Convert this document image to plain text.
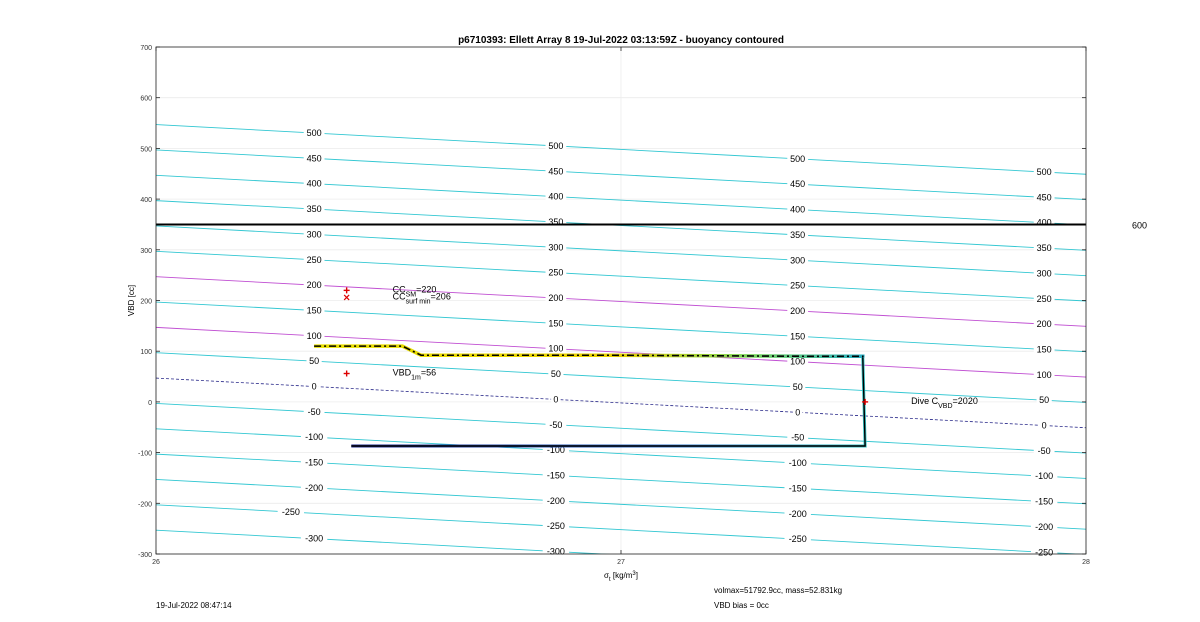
500
450
400
350
300
250
200
150
100
50
0
-50
-100
-150
-200
-300
-250
500
450
400
350
300
250
200
150
100
50
0
-50
-100
-150
-200
-250
-300
500
450
400
350
300
250
200
150
100
50
0
-50
-100
-150
-200
-250
500
450
400
350
300
250
200
150
100
50
0
-50
-100
-150
-200
-250
600
$CC_{SM}=220$
$CC_{surf min}=206$
$VBD_{1m}=56$
Dive $C_{VBD}=2020$
-300
-200
-100
0
100
200
300
400
500
600
700
26	27	28
VBD [cc]
$\sigma_t$ $[kg/m^3]$
p6710393: Ellett Array 8 19-Jul-2022 03:13:59Z - buoyancy contoured
19-Jul-2022 08:47:14
volmax=51792.9cc, mass=52.831kg
VBD bias = 0cc
